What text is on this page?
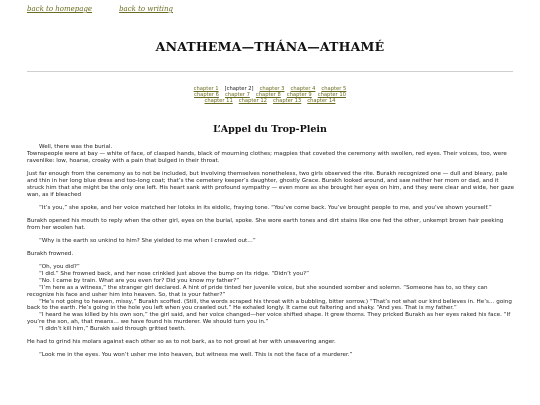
back to homepage	back to writing
ANATHEMA—THÁNA—ATHAMÉ
chapter 1 [chapter 2] chapter 3 chapter 4 chapter 5
chapter 6 chapter 7 chapter 8 chapter 9 chapter 10
chapter 11 chapter 12 chapter 13 chapter 14
L’Appel du Trop-Plein

Well, there was the burial.
Townspeople were at bay — white of face, of clasped hands, black of mourning clothes; magpies that coveted the ceremony with swollen, red eyes. Their voices, too, were ravenlike: low, hoarse, croaky with a pain that bulged in their throat.

Just far enough from the ceremony as to not be included, but involving themselves nonetheless, two girls observed the rite. Burakh recognized one — dull and bleary, pale and thin in her long blue dress and too-long coat; that’s the cemetery keeper’s daughter, ghostly Grace. Burakh looked around, and saw neither her mom or dad, and it struck him that she might be the only one left. His heart sank with profound sympathy — even more as she brought her eyes on him, and they were clear and wide, her gaze wan, as if bleached

“It’s you,” she spoke, and her voice matched her lotoks in its eidolic, fraying tone. “You’ve come back. You’ve brought people to me, and you’ve shown yourself.”

Burakh opened his mouth to reply when the other girl, eyes on the burial, spoke. She wore earth tones and dirt stains like one fed the other, unkempt brown hair peeking from her woolen hat.

“Why is the earth so unkind to him? She yielded to me when I crawled out…”

Burakh frowned.

“Oh, you did?”
“I did.” She frowned back, and her nose crinkled just above the bump on its ridge. “Didn’t you?”
“No. I came by train. What are you even for? Did you know my father?”
“I’m here as a witness,” the stranger girl declared. A hint of pride tinted her juvenile voice, but she sounded somber and solemn. “Someone has to, so they can recognize his face and usher him into heaven. So, that is your father?”
“He’s not going to heaven, missy,” Burakh scoffed. (Still, the words scraped his throat with a bubbling, bitter sorrow.) “That’s not what our kind believes in. He’s… going back to the earth. He’s going in the hole you left when you crawled out.” He exhaled longly. It came out faltering and shaky. “And yes. That is my father.”
“I heard he was killed by his own son,” the girl said, and her voice changed—her voice shifted shape. It grew thorns. They pricked Burakh as her eyes raked his face. “If you’re the son, ah, that means… we have found his murderer. We should turn you in.”
“I didn’t kill him,” Burakh said through gritted teeth.

He had to grind his molars against each other so as to not bark, as to not growl at her with unwavering anger.

“Look me in the eyes. You won’t usher me into heaven, but witness me well. This is not the face of a murderer.”
